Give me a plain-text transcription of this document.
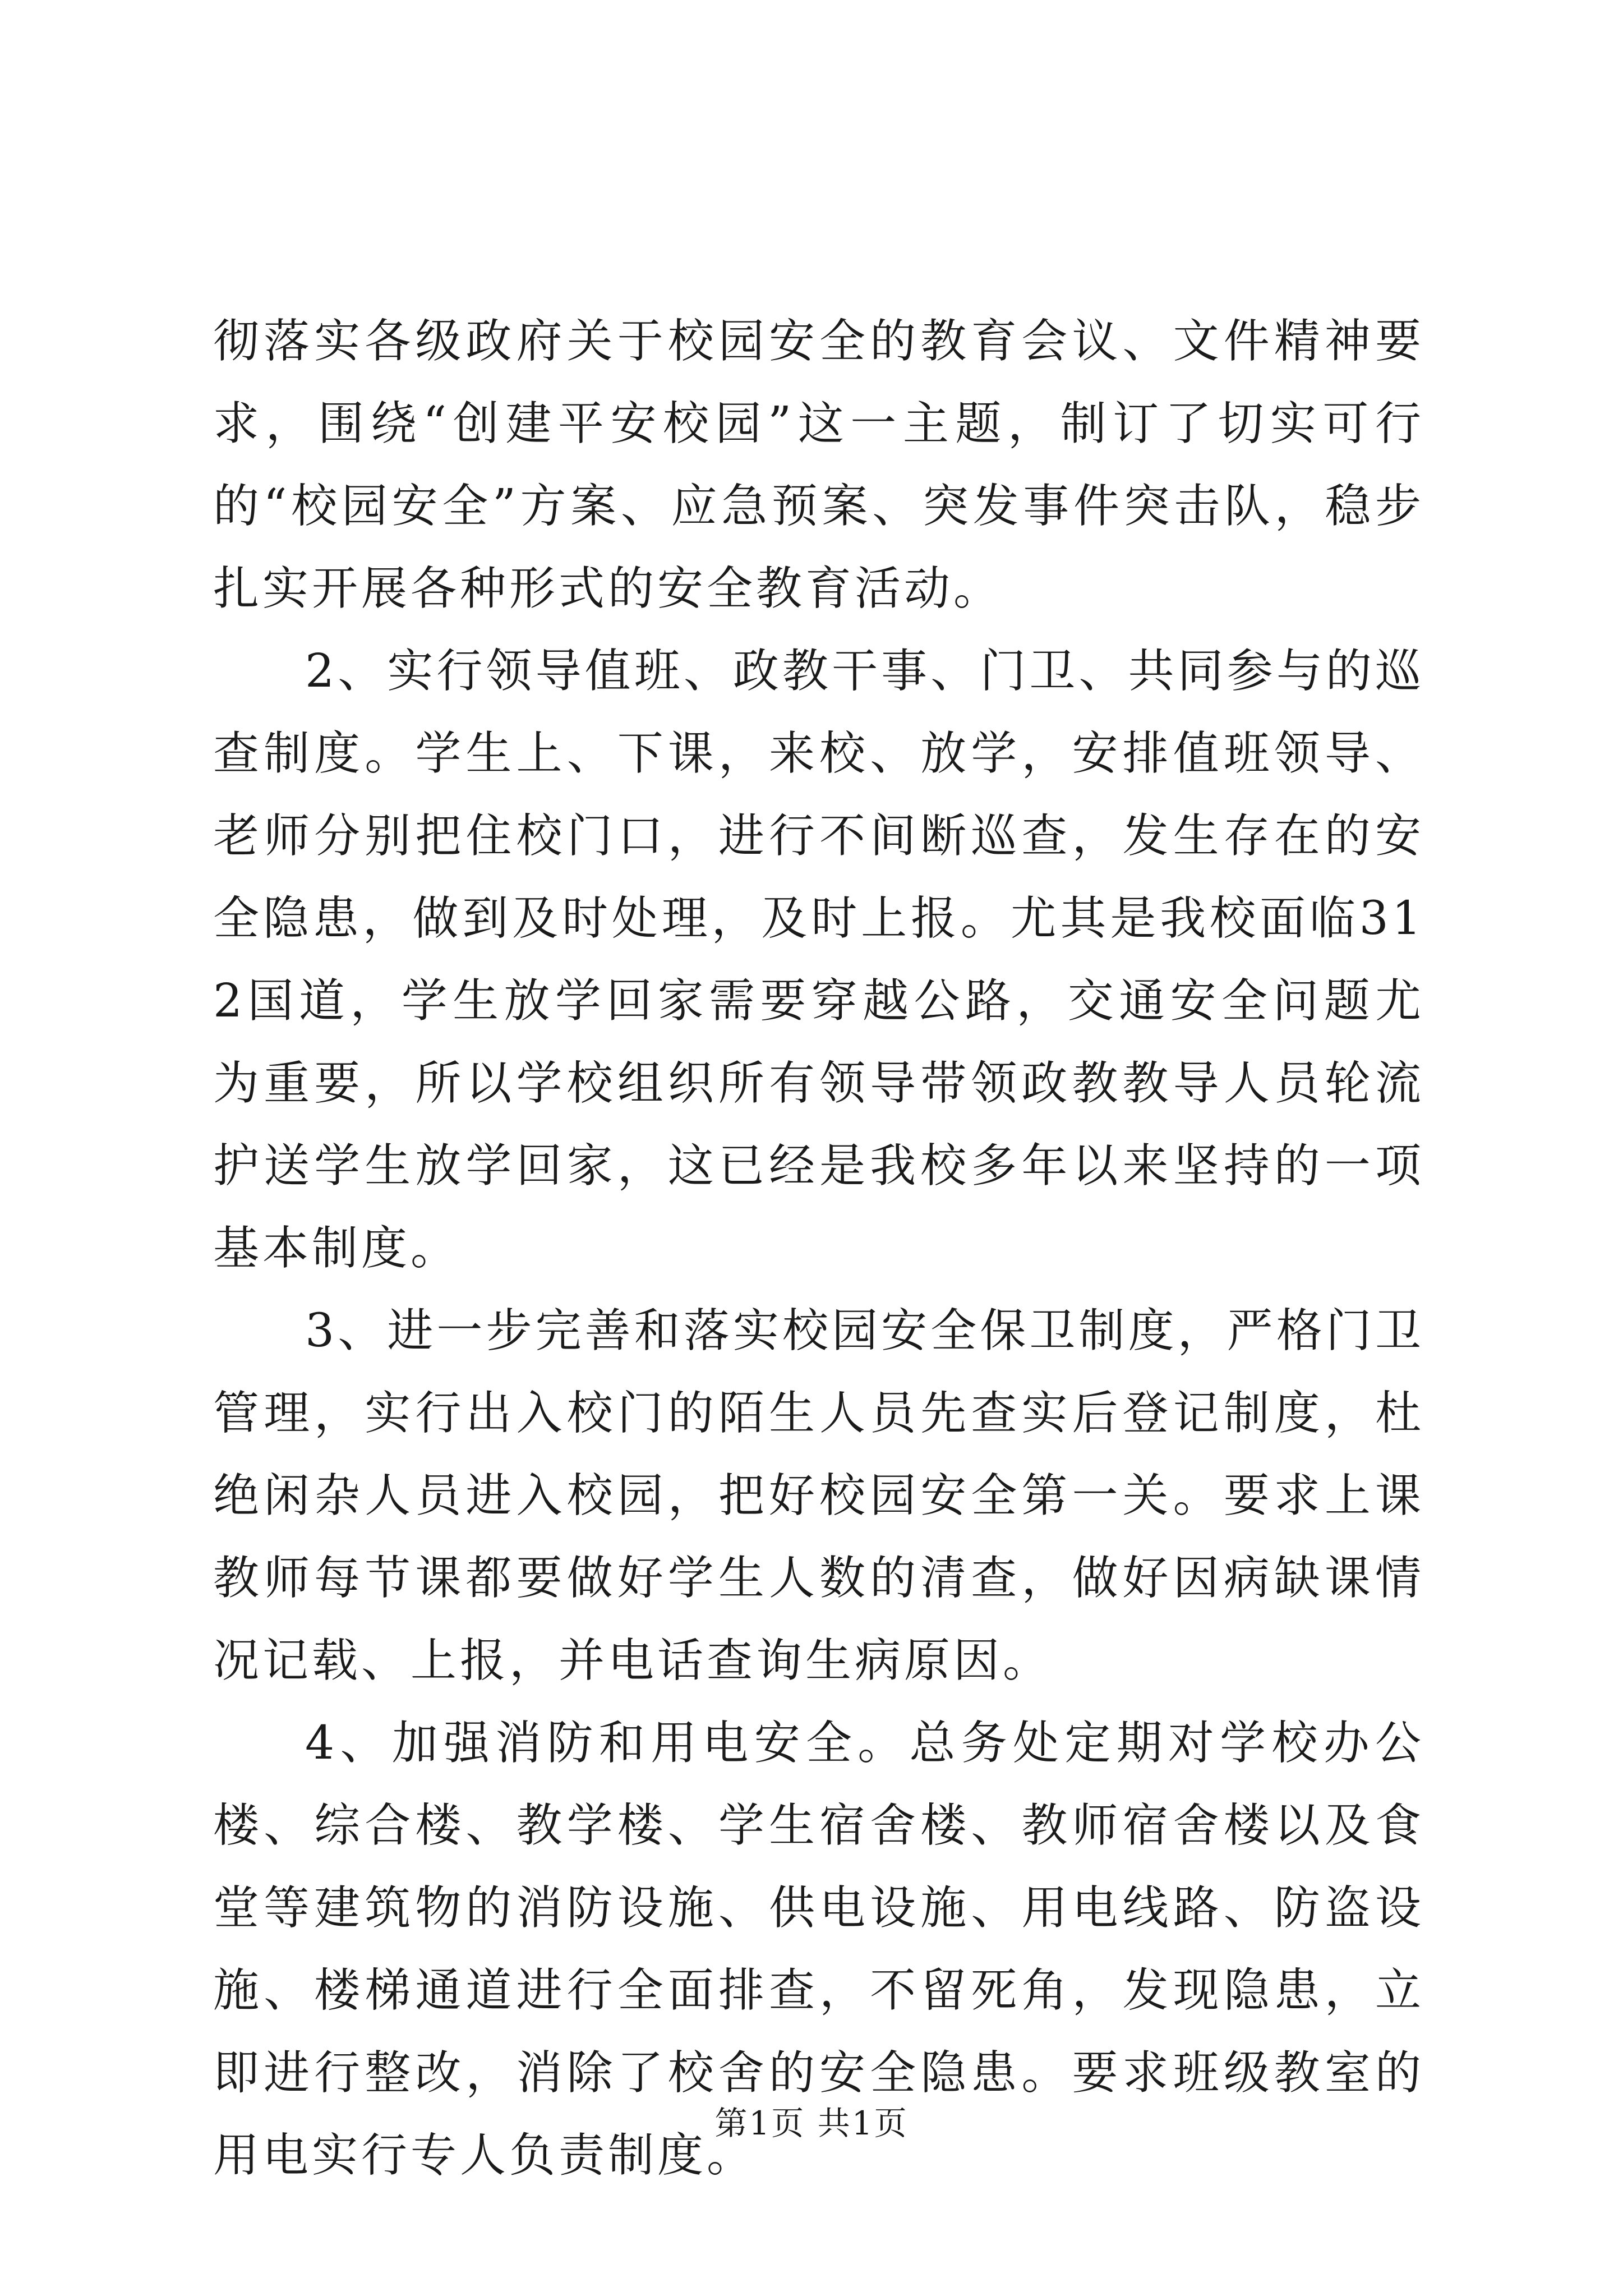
彻落实各级政府关于校园安全的教育会议、文件精神要求，围绕“创建平安校园”这一主题，制订了切实可行的“校园安全”方案、应急预案、突发事件突击队，稳步扎实开展各种形式的安全教育活动。

2、实行领导值班、政教干事、门卫、共同参与的巡查制度。学生上、下课，来校、放学，安排值班领导、老师分别把住校门口，进行不间断巡查，发生存在的安全隐患，做到及时处理，及时上报。尤其是我校面临312国道，学生放学回家需要穿越公路，交通安全问题尤为重要，所以学校组织所有领导带领政教教导人员轮流护送学生放学回家，这已经是我校多年以来坚持的一项基本制度。

3、进一步完善和落实校园安全保卫制度，严格门卫管理，实行出入校门的陌生人员先查实后登记制度，杜绝闲杂人员进入校园，把好校园安全第一关。要求上课教师每节课都要做好学生人数的清查，做好因病缺课情况记载、上报，并电话查询生病原因。

4、加强消防和用电安全。总务处定期对学校办公楼、综合楼、教学楼、学生宿舍楼、教师宿舍楼以及食堂等建筑物的消防设施、供电设施、用电线路、防盗设施、楼梯通道进行全面排查，不留死角，发现隐患，立即进行整改，消除了校舍的安全隐患。要求班级教室的用电实行专人负责制度。

第1页 共1页
